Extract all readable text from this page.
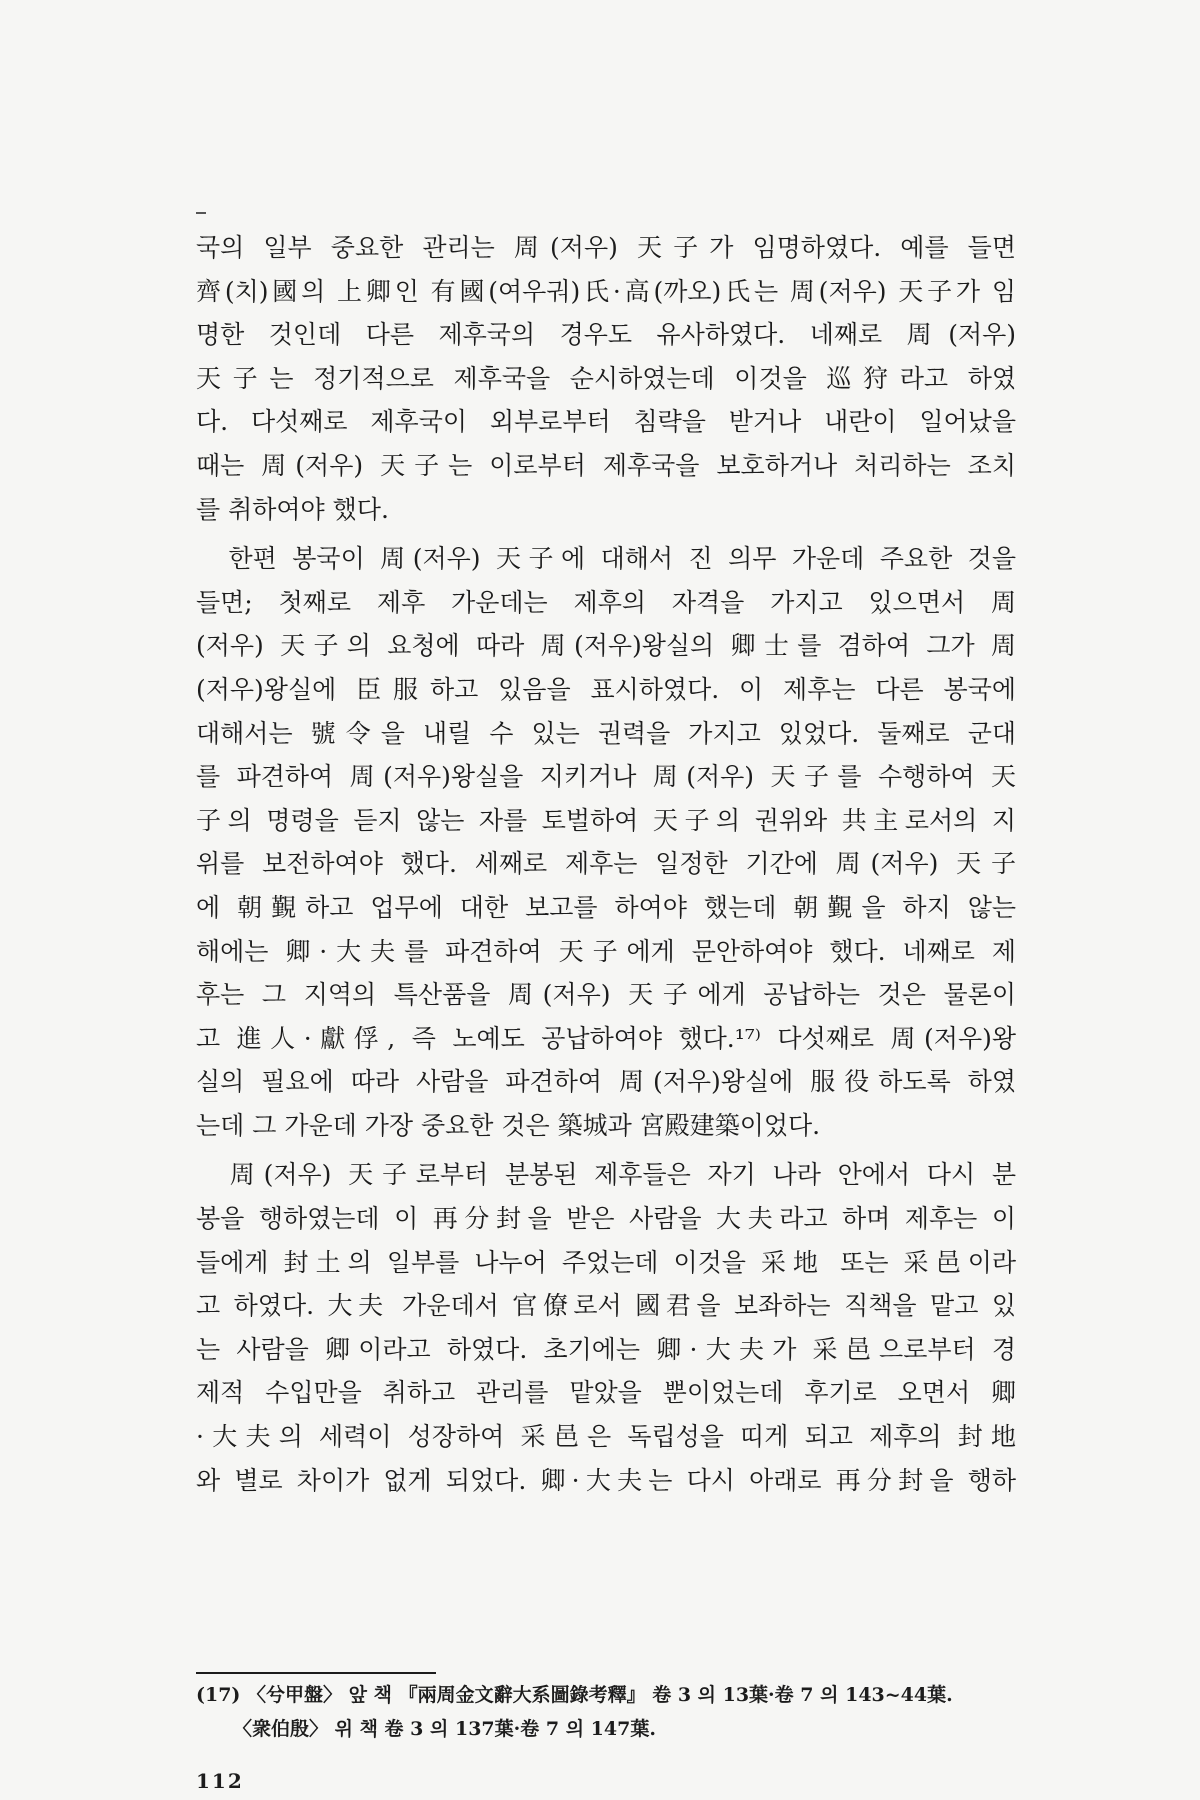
국의 일부 중요한 관리는 周(저우) 天子가 임명하였다. 예를 들면
齊(치)國의 上卿인 有國(여우궈)氏·高(까오)氏는 周(저우) 天子가 임
명한 것인데 다른 제후국의 경우도 유사하였다. 네째로 周(저우)
天子는 정기적으로 제후국을 순시하였는데 이것을 巡狩라고 하였
다. 다섯째로 제후국이 외부로부터 침략을 받거나 내란이 일어났을
때는 周(저우) 天子는 이로부터 제후국을 보호하거나 처리하는 조치
를 취하여야 했다.
　한편 봉국이 周(저우) 天子에 대해서 진 의무 가운데 주요한 것을
들면; 첫째로 제후 가운데는 제후의 자격을 가지고 있으면서 周
(저우) 天子의 요청에 따라 周(저우)왕실의 卿士를 겸하여 그가 周
(저우)왕실에 臣服하고 있음을 표시하였다. 이 제후는 다른 봉국에
대해서는 號令을 내릴 수 있는 권력을 가지고 있었다. 둘째로 군대
를 파견하여 周(저우)왕실을 지키거나 周(저우) 天子를 수행하여 天
子의 명령을 듣지 않는 자를 토벌하여 天子의 권위와 共主로서의 지
위를 보전하여야 했다. 세째로 제후는 일정한 기간에 周(저우) 天子
에 朝覲하고 업무에 대한 보고를 하여야 했는데 朝覲을 하지 않는
해에는 卿·大夫를 파견하여 天子에게 문안하여야 했다. 네째로 제
후는 그 지역의 특산품을 周(저우) 天子에게 공납하는 것은 물론이
고 進人·獻俘, 즉 노예도 공납하여야 했다.¹⁷⁾ 다섯째로 周(저우)왕
실의 필요에 따라 사람을 파견하여 周(저우)왕실에 服役하도록 하였
는데 그 가운데 가장 중요한 것은 築城과 宮殿建築이었다.
　周(저우) 天子로부터 분봉된 제후들은 자기 나라 안에서 다시 분
봉을 행하였는데 이 再分封을 받은 사람을 大夫라고 하며 제후는 이
들에게 封土의 일부를 나누어 주었는데 이것을 采地 또는 采邑이라
고 하였다. 大夫 가운데서 官僚로서 國君을 보좌하는 직책을 맡고 있
는 사람을 卿이라고 하였다. 초기에는 卿·大夫가 采邑으로부터 경
제적 수입만을 취하고 관리를 맡았을 뿐이었는데 후기로 오면서 卿
·大夫의 세력이 성장하여 采邑은 독립성을 띠게 되고 제후의 封地
와 별로 차이가 없게 되었다. 卿·大夫는 다시 아래로 再分封을 행하
(17) 〈兮甲盤〉 앞 책 『兩周金文辭大系圖錄考釋』 卷 3 의 13葉·卷 7 의 143~44葉.
〈衆伯殷〉 위 책 卷 3 의 137葉·卷 7 의 147葉.
112
